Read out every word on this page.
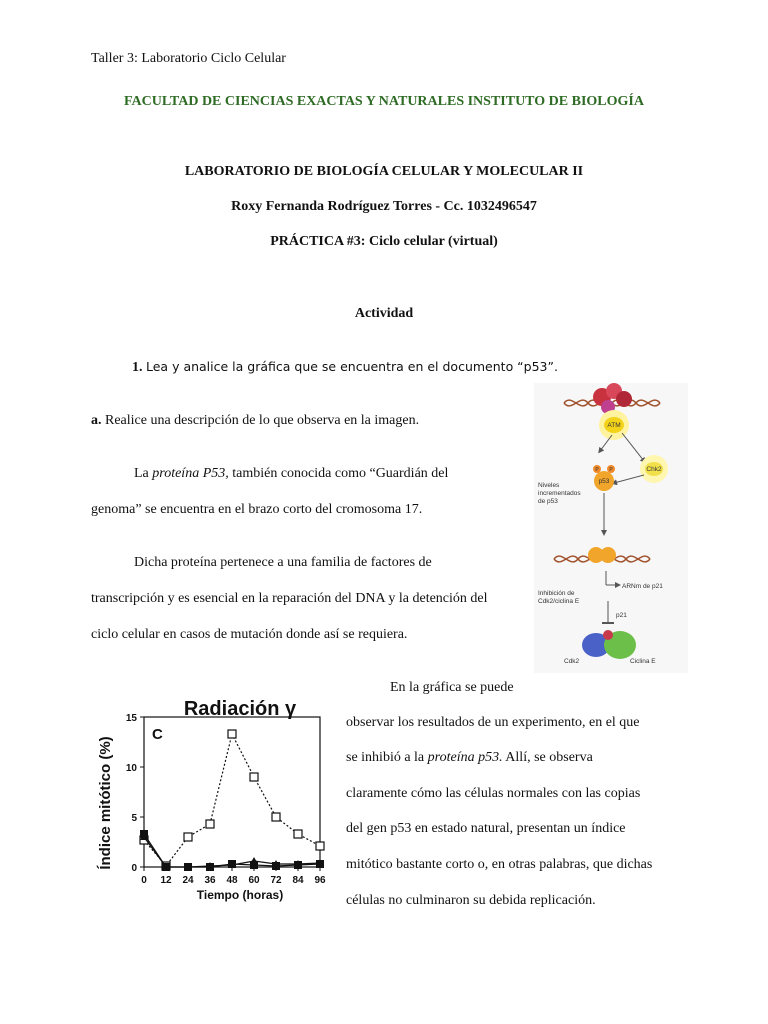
Taller 3: Laboratorio Ciclo Celular
FACULTAD DE CIENCIAS EXACTAS Y NATURALES INSTITUTO DE BIOLOGÍA
LABORATORIO DE BIOLOGÍA CELULAR Y MOLECULAR II
Roxy Fernanda Rodríguez Torres - Cc. 1032496547
PRÁCTICA #3: Ciclo celular (virtual)
Actividad
1. Lea y analice la gráfica que se encuentra en el documento “p53”.
a. Realice una descripción de lo que observa en la imagen.
La proteína P53, también conocida como “Guardián del
genoma” se encuentra en el brazo corto del cromosoma 17.
Dicha proteína pertenece a una familia de factores de
transcripción y es esencial en la reparación del DNA y la detención del
ciclo celular en casos de mutación donde así se requiera.
En la gráfica se puede
observar los resultados de un experimento, en el que
se inhibió a la proteína p53. Allí, se observa
claramente cómo las células normales con las copias
del gen p53 en estado natural, presentan un índice
mitótico bastante corto o, en otras palabras, que dichas
células no culminaron su debida replicación.
ATM
Chk2
P P
p53
Niveles
incrementados
de p53
ARNm de p21
Inhibición de
Cdk2/ciclina E
p21
Cdk2	Ciclina E
Radiación γ
Índice mitótico (%)
Tiempo (horas)
C
0
5
10
15
0 12 24 36 48 60 72 84 96
